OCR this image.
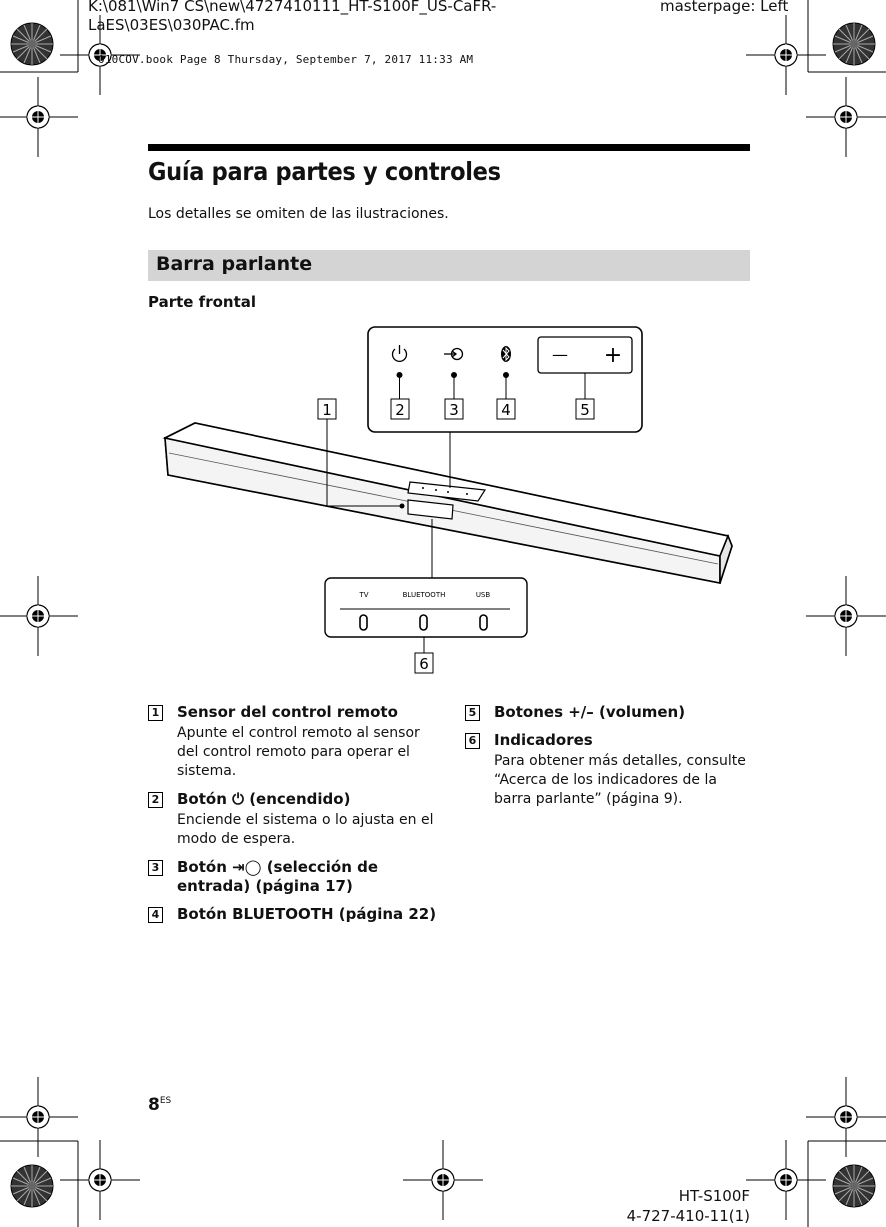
K:\081\Win7 CS\new\4727410111_HT-S100F_US-CaFR-LaES\03ES\030PAC.fm
masterpage: Left
010COV.book Page 8 Thursday, September 7, 2017 11:33 AM
Guía para partes y controles
Los detalles se omiten de las ilustraciones.
Barra parlante
Parte frontal
— +
1	2	3	4	5
TV	BLUETOOTH	USB
6
1 Sensor del control remoto
Apunte el control remoto al sensor del control remoto para operar el sistema.
2 Botón ⏻ (encendido)
Enciende el sistema o lo ajusta en el modo de espera.
3 Botón ⇥◯ (selección de entrada) (página 17)
4 Botón BLUETOOTH (página 22)
5 Botones +/– (volumen)
6 Indicadores
Para obtener más detalles, consulte “Acerca de los indicadores de la barra parlante” (página 9).
$8^{ES}$
HT-S100F
4-727-410-11(1)
